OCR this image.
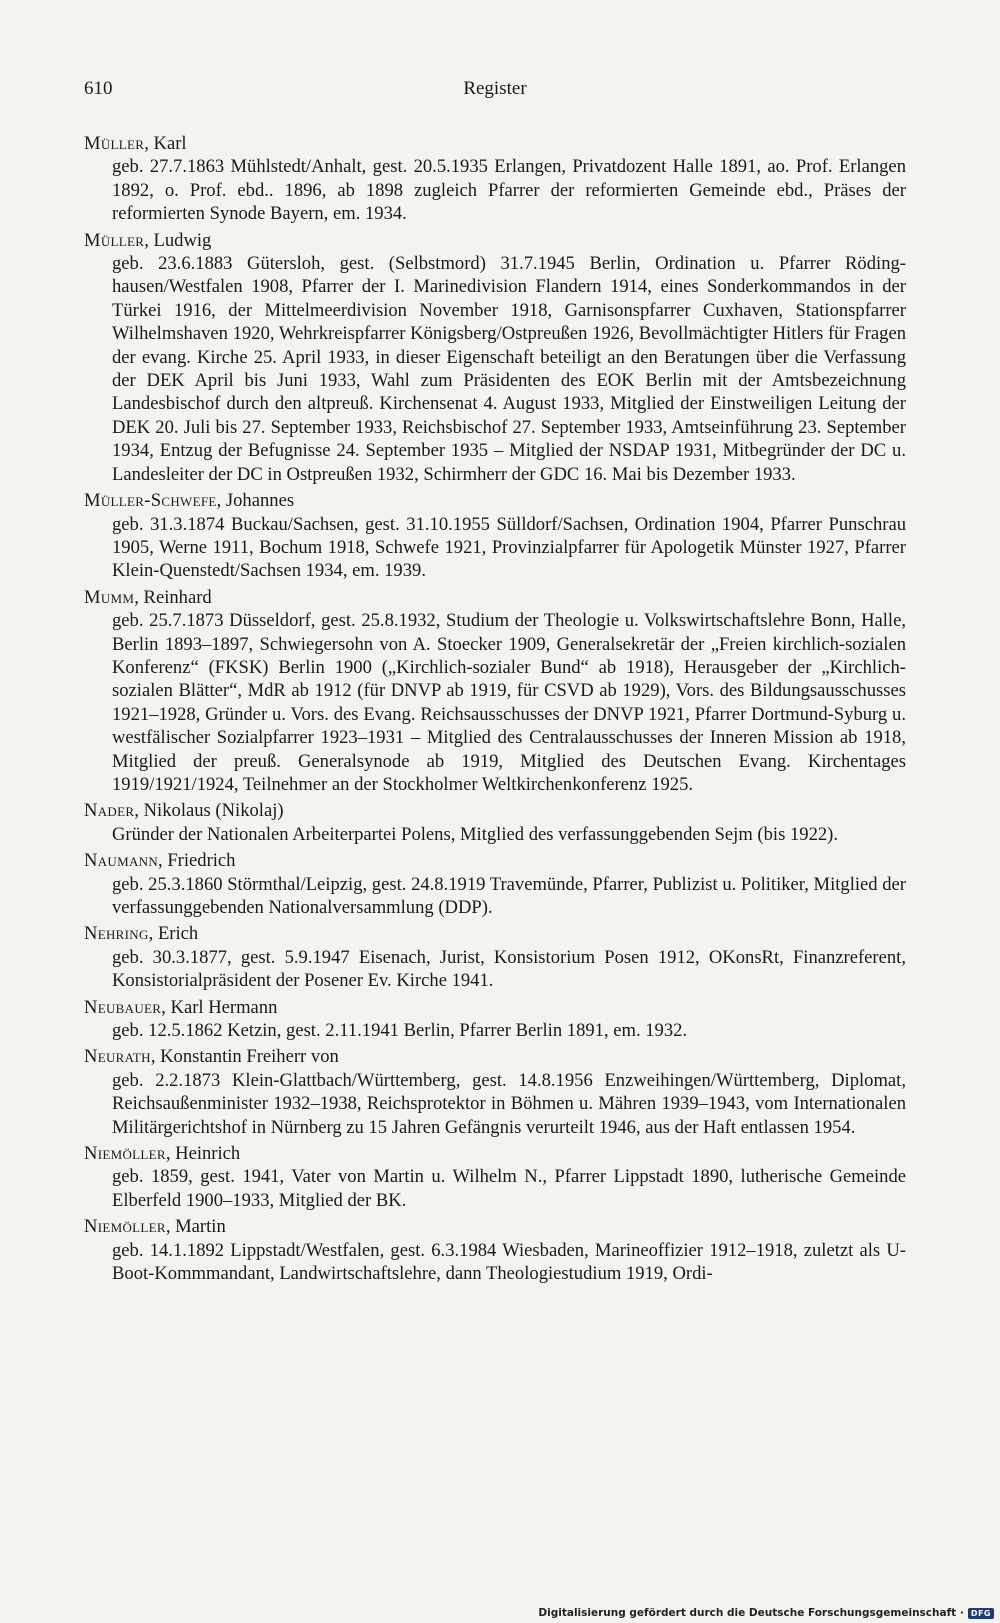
610	Register
Müller, Karl
geb. 27.7.1863 Mühlstedt/Anhalt, gest. 20.5.1935 Erlangen, Privatdozent Halle 1891, ao. Prof. Erlangen 1892, o. Prof. ebd.. 1896, ab 1898 zugleich Pfarrer der reformierten Gemeinde ebd., Präses der reformierten Synode Bayern, em. 1934.
Müller, Ludwig
geb. 23.6.1883 Gütersloh, gest. (Selbstmord) 31.7.1945 Berlin, Ordination u. Pfarrer Rödinghausen/Westfalen 1908, Pfarrer der I. Marinedivision Flandern 1914, eines Sonderkommandos in der Türkei 1916, der Mittelmeerdivision November 1918, Garnisonspfarrer Cuxhaven, Stationspfarrer Wilhelmshaven 1920, Wehrkreispfarrer Königsberg/Ostpreußen 1926, Bevollmächtigter Hitlers für Fragen der evang. Kirche 25. April 1933, in dieser Eigenschaft beteiligt an den Beratungen über die Verfassung der DEK April bis Juni 1933, Wahl zum Präsidenten des EOK Berlin mit der Amtsbezeichnung Landesbischof durch den altpreuß. Kirchensenat 4. August 1933, Mitglied der Einstweiligen Leitung der DEK 20. Juli bis 27. September 1933, Reichsbischof 27. September 1933, Amtseinführung 23. September 1934, Entzug der Befugnisse 24. September 1935 – Mitglied der NSDAP 1931, Mitbegründer der DC u. Landesleiter der DC in Ostpreußen 1932, Schirmherr der GDC 16. Mai bis Dezember 1933.
Müller-Schwefe, Johannes
geb. 31.3.1874 Buckau/Sachsen, gest. 31.10.1955 Sülldorf/Sachsen, Ordination 1904, Pfarrer Punschrau 1905, Werne 1911, Bochum 1918, Schwefe 1921, Provinzialpfarrer für Apologetik Münster 1927, Pfarrer Klein-Quenstedt/Sachsen 1934, em. 1939.
Mumm, Reinhard
geb. 25.7.1873 Düsseldorf, gest. 25.8.1932, Studium der Theologie u. Volkswirtschaftslehre Bonn, Halle, Berlin 1893–1897, Schwiegersohn von A. Stoecker 1909, Generalsekretär der „Freien kirchlich-sozialen Konferenz“ (FKSK) Berlin 1900 („Kirchlich-sozialer Bund“ ab 1918), Herausgeber der „Kirchlich-sozialen Blätter“, MdR ab 1912 (für DNVP ab 1919, für CSVD ab 1929), Vors. des Bildungsausschusses 1921–1928, Gründer u. Vors. des Evang. Reichsausschusses der DNVP 1921, Pfarrer Dortmund-Syburg u. westfälischer Sozialpfarrer 1923–1931 – Mitglied des Centralausschusses der Inneren Mission ab 1918, Mitglied der preuß. Generalsynode ab 1919, Mitglied des Deutschen Evang. Kirchentages 1919/1921/1924, Teilnehmer an der Stockholmer Weltkirchenkonferenz 1925.
Nader, Nikolaus (Nikolaj)
Gründer der Nationalen Arbeiterpartei Polens, Mitglied des verfassunggebenden Sejm (bis 1922).
Naumann, Friedrich
geb. 25.3.1860 Störmthal/Leipzig, gest. 24.8.1919 Travemünde, Pfarrer, Publizist u. Politiker, Mitglied der verfassunggebenden Nationalversammlung (DDP).
Nehring, Erich
geb. 30.3.1877, gest. 5.9.1947 Eisenach, Jurist, Konsistorium Posen 1912, OKonsRt, Finanzreferent, Konsistorialpräsident der Posener Ev. Kirche 1941.
Neubauer, Karl Hermann
geb. 12.5.1862 Ketzin, gest. 2.11.1941 Berlin, Pfarrer Berlin 1891, em. 1932.
Neurath, Konstantin Freiherr von
geb. 2.2.1873 Klein-Glattbach/Württemberg, gest. 14.8.1956 Enzweihingen/Württemberg, Diplomat, Reichsaußenminister 1932–1938, Reichsprotektor in Böhmen u. Mähren 1939–1943, vom Internationalen Militärgerichtshof in Nürnberg zu 15 Jahren Gefängnis verurteilt 1946, aus der Haft entlassen 1954.
Niemöller, Heinrich
geb. 1859, gest. 1941, Vater von Martin u. Wilhelm N., Pfarrer Lippstadt 1890, lutherische Gemeinde Elberfeld 1900–1933, Mitglied der BK.
Niemöller, Martin
geb. 14.1.1892 Lippstadt/Westfalen, gest. 6.3.1984 Wiesbaden, Marineoffizier 1912–1918, zuletzt als U-Boot-Kommmandant, Landwirtschaftslehre, dann Theologiestudium 1919, Ordi-
Digitalisierung gefördert durch die Deutsche Forschungsgemeinschaft · DFG
